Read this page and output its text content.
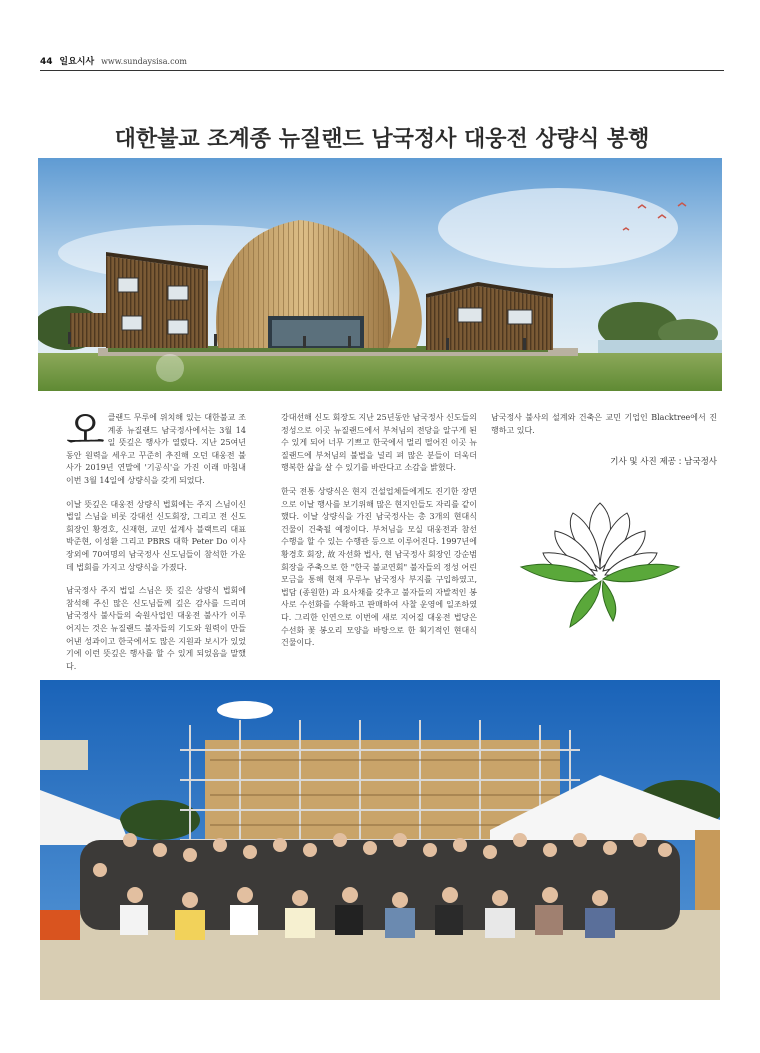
44 일요시사 www.sundaysisa.com
대한불교 조계종 뉴질랜드 남국정사 대웅전 상량식 봉행

오클랜드 무루에 위치해 있는 대한불교 조계종 뉴질랜드 남국정사에서는 3월 14일 뜻깊은 행사가 열렸다. 지난 25여년 동안 원력을 세우고 꾸준히 추진해 오던 대웅전 불사가 2019년 연말에 '기공식'을 가진 이래 마침내 이번 3월 14일에 상량식을 갖게 되었다.

이날 뜻깊은 대웅전 상량식 법회에는 주지 스님이신 법일 스님을 비롯 강대선 신도회장, 그리고 전 신도회장인 황경호, 신재현, 교민 설계사 블랙트리 대표 박준현, 이성환 그리고 PBRS 대학 Peter Do 이사장외에 70여명의 남국정사 신도님들이 참석한 가운데 법회를 가지고 상량식을 가졌다.

남국정사 주지 법일 스님은 뜻 깊은 상량식 법회에 참석해 주신 많은 신도님들께 깊은 감사를 드리며 남국정사 불사들의 숙원사업인 대웅전 불사가 이루어지는 것은 뉴질랜드 불자들의 기도와 원력이 만들어낸 성과이고 한국에서도 많은 지원과 보시가 있었기에 이런 뜻깊은 행사를 할 수 있게 되었음을 말했다.

강대선해 신도 회장도 지난 25년동안 남국정사 신도들의 정성으로 이곳 뉴질랜드에서 부처님의 전당을 알구게 된 수 있게 되어 너무 기쁘고 한국에서 멀리 떨어진 이곳 뉴질랜드에 부처님의 불법을 널리 펴 많은 분들이 더욱더 행복한 삶을 살 수 있기를 바란다고 소감을 밝혔다.

한국 전통 상량식은 현지 건설업체들에게도 진기한 장면으로 이날 행사를 보기위해 많은 현지인들도 자리를 같이 했다. 이날 상량식을 가진 남국정사는 총 3개의 현대식 건물이 건축될 예정이다. 부처님을 모실 대웅전과 참선 수행을 할 수 있는 수행관 등으로 이루어진다. 1997년에 황경호 회장, 故 자선화 법사, 현 남국정사 회장인 강순범 회장을 주축으로 한 "한국 불교연회" 불자들의 정성 어린 모금을 통해 현재 무루누 남국정사 부지를 구입하였고, 법담 (종원한) 과 요사채를 갖추고 불자들의 자발적인 봉사로 수선화를 수확하고 판매하여 사찰 운영에 일조하였다. 그리한 인연으로 이번에 새로 지어질 대웅전 법당은 수선화 꽃 봉오리 모양을 바탕으로 한 획기적인 현대식 건물이다.

남국정사 불사의 설계와 건축은 교민 기업인 Blacktree에서 진행하고 있다.

기사 및 사진 제공 : 남국정사
